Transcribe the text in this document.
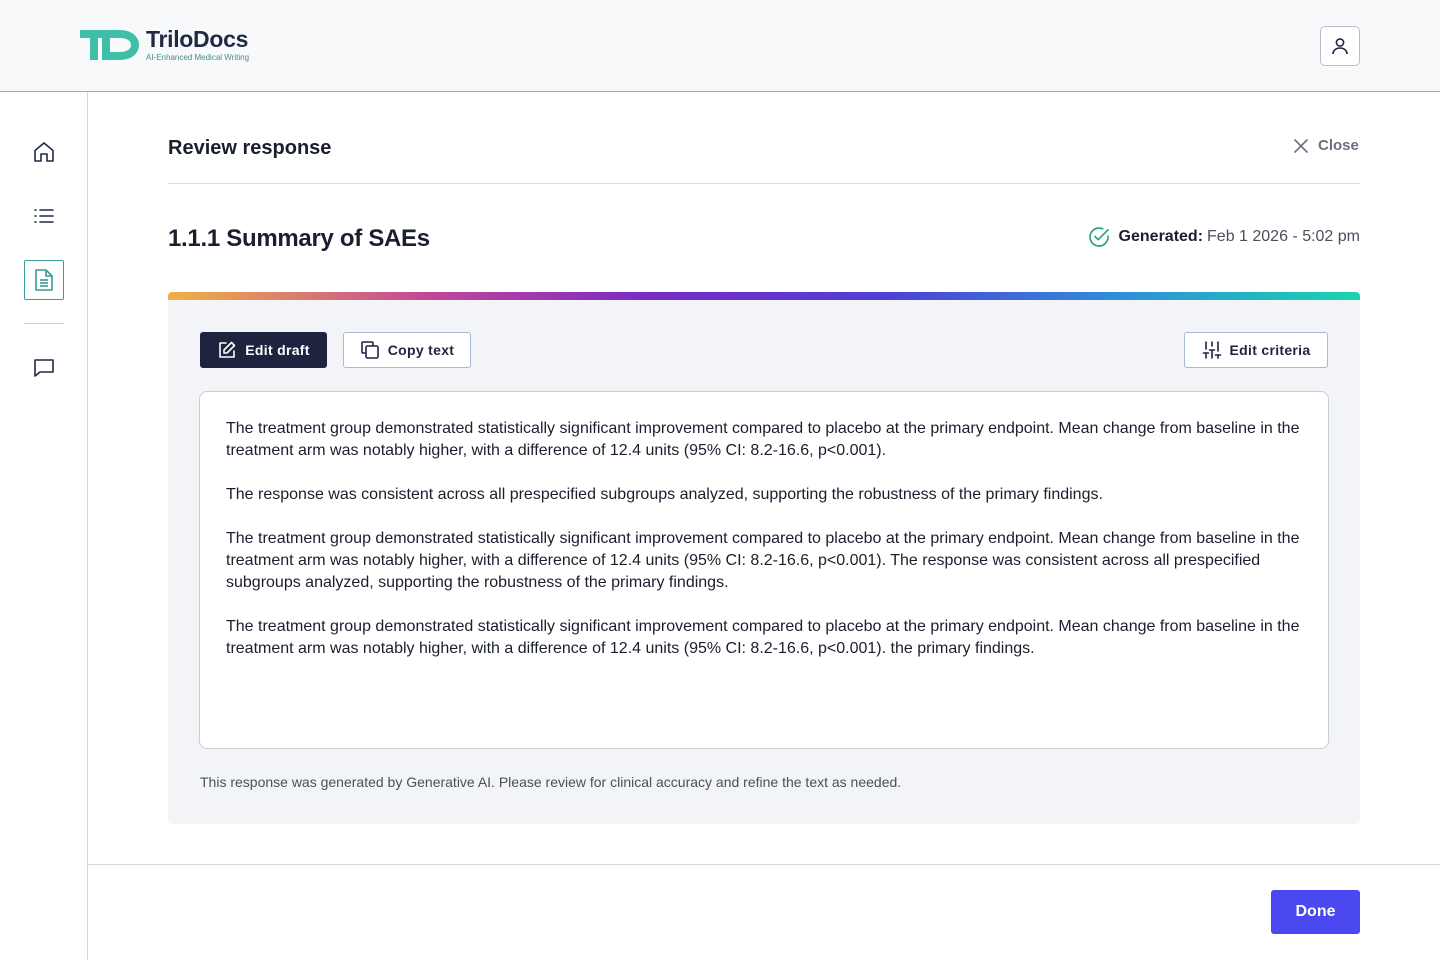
TriloDocs
AI-Enhanced Medical Writing
Review response	Close
1.1.1 Summary of SAEs	Generated: Feb 1 2026 - 5:02 pm
Edit draft	Copy text	Edit criteria

The treatment group demonstrated statistically significant improvement compared to placebo at the primary endpoint. Mean change from baseline in the treatment arm was notably higher, with a difference of 12.4 units (95% CI: 8.2-16.6, p<0.001).

The response was consistent across all prespecified subgroups analyzed, supporting the robustness of the primary findings.

The treatment group demonstrated statistically significant improvement compared to placebo at the primary endpoint. Mean change from baseline in the treatment arm was notably higher, with a difference of 12.4 units (95% CI: 8.2-16.6, p<0.001). The response was consistent across all prespecified subgroups analyzed, supporting the robustness of the primary findings.

The treatment group demonstrated statistically significant improvement compared to placebo at the primary endpoint. Mean change from baseline in the treatment arm was notably higher, with a difference of 12.4 units (95% CI: 8.2-16.6, p<0.001). the primary findings.

This response was generated by Generative AI. Please review for clinical accuracy and refine the text as needed.
Done
